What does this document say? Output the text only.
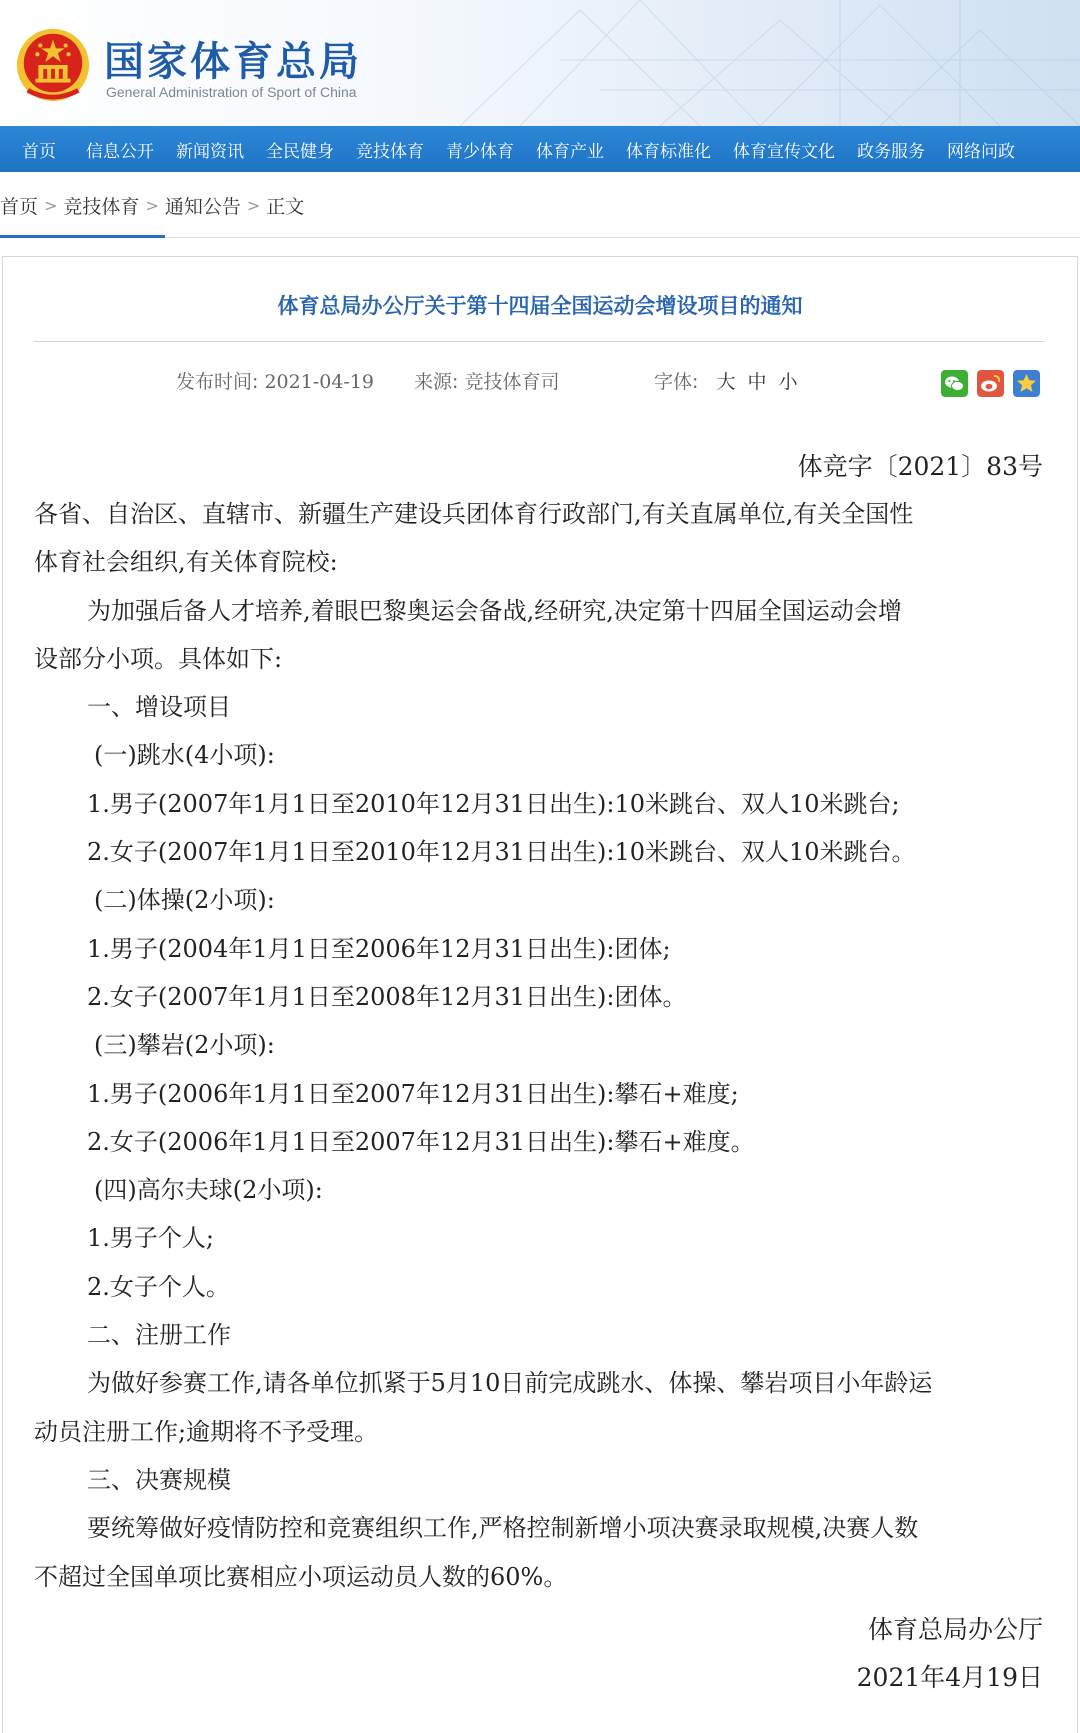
国家体育总局
General Administration of Sport of China
首页 信息公开 新闻资讯 全民健身 竞技体育 青少体育 体育产业 体育标准化 体育宣传文化 政务服务 网络问政
首页 > 竞技体育 > 通知公告 > 正文
体育总局办公厅关于第十四届全国运动会增设项目的通知
发布时间: 2021-04-19 来源: 竞技体育司	字体: 大 中 小
体竞字〔2021〕83号

各省、自治区、直辖市、新疆生产建设兵团体育行政部门,有关直属单位,有关全国性

体育社会组织,有关体育院校:

为加强后备人才培养,着眼巴黎奥运会备战,经研究,决定第十四届全国运动会增

设部分小项。具体如下:

一、增设项目

(一)跳水(4小项):

1.男子(2007年1月1日至2010年12月31日出生):10米跳台、双人10米跳台;

2.女子(2007年1月1日至2010年12月31日出生):10米跳台、双人10米跳台。

(二)体操(2小项):

1.男子(2004年1月1日至2006年12月31日出生):团体;

2.女子(2007年1月1日至2008年12月31日出生):团体。

(三)攀岩(2小项):

1.男子(2006年1月1日至2007年12月31日出生):攀石+难度;

2.女子(2006年1月1日至2007年12月31日出生):攀石+难度。

(四)高尔夫球(2小项):

1.男子个人;

2.女子个人。

二、注册工作

为做好参赛工作,请各单位抓紧于5月10日前完成跳水、体操、攀岩项目小年龄运

动员注册工作;逾期将不予受理。

三、决赛规模

要统筹做好疫情防控和竞赛组织工作,严格控制新增小项决赛录取规模,决赛人数

不超过全国单项比赛相应小项运动员人数的60%。

体育总局办公厅
2021年4月19日
